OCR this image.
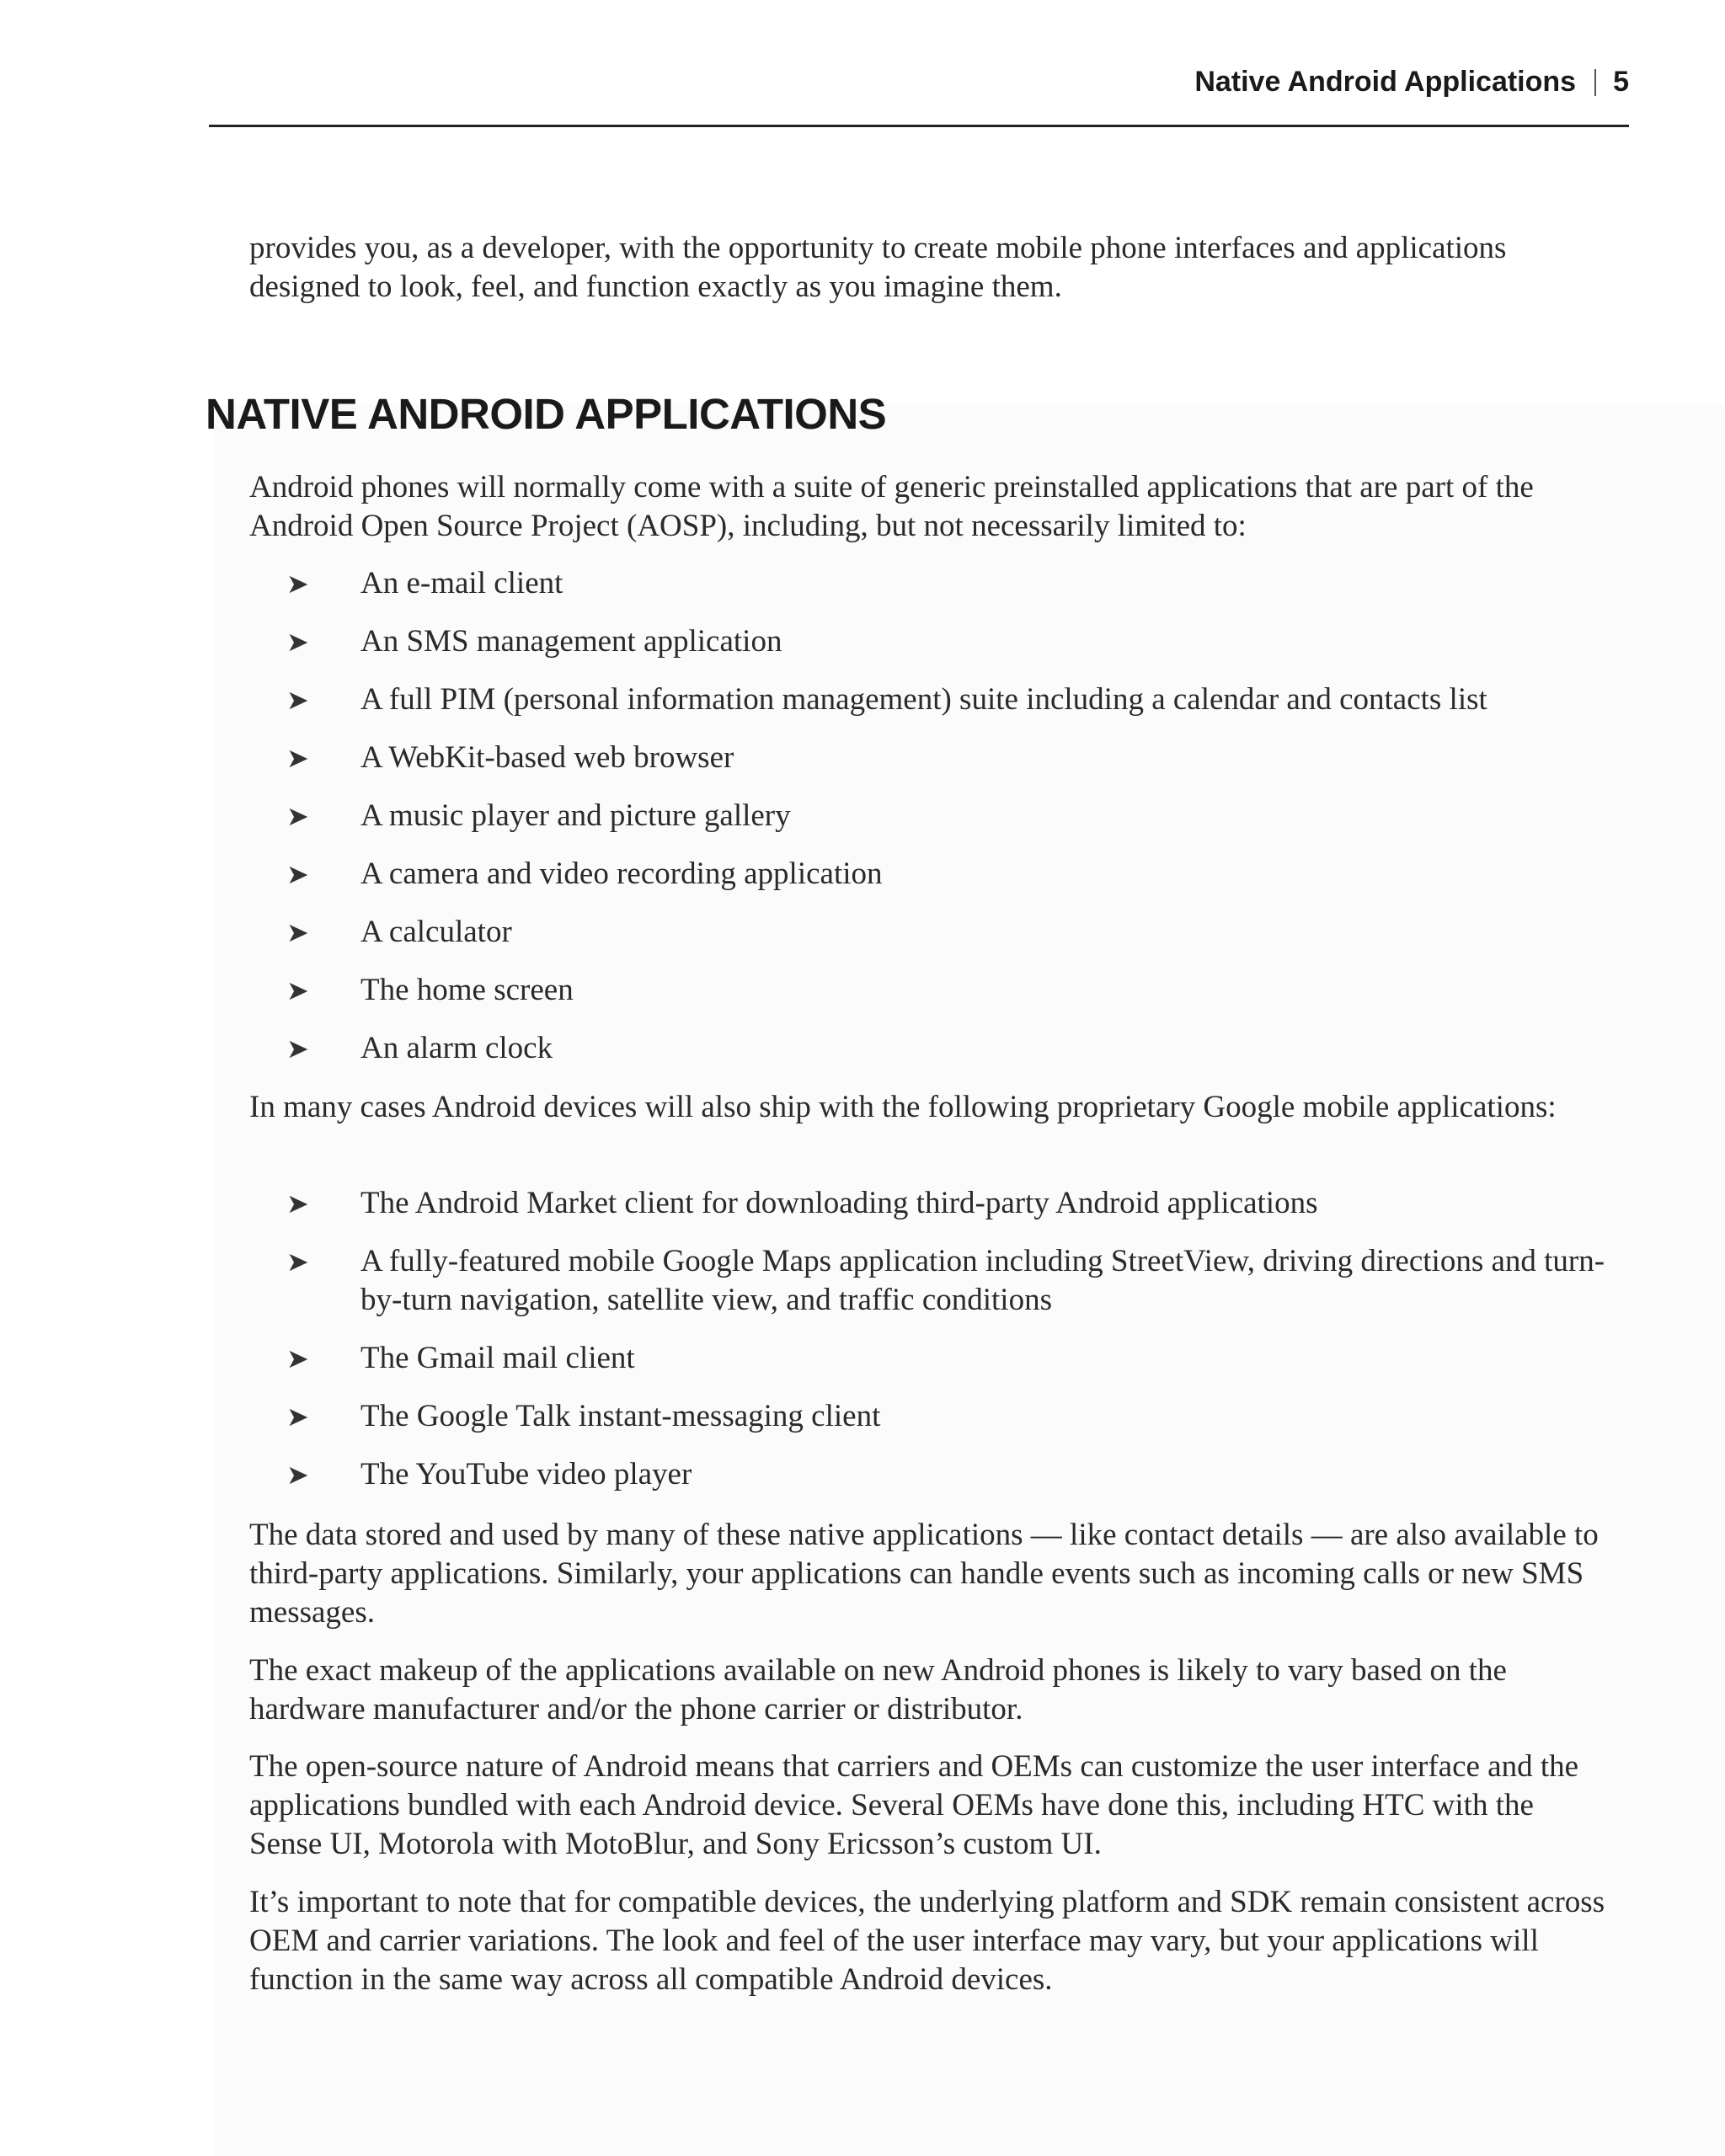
Native Android Applications 5

provides you, as a developer, with the opportunity to create mobile phone interfaces and applications designed to look, feel, and function exactly as you imagine them.

NATIVE ANDROID APPLICATIONS

Android phones will normally come with a suite of generic preinstalled applications that are part of the Android Open Source Project (AOSP), including, but not necessarily limited to:

➤ An e-mail client
➤ An SMS management application
➤ A full PIM (personal information management) suite including a calendar and contacts list
➤ A WebKit-based web browser
➤ A music player and picture gallery
➤ A camera and video recording application
➤ A calculator
➤ The home screen
➤ An alarm clock

In many cases Android devices will also ship with the following proprietary Google mobile applications:

➤ The Android Market client for downloading third-party Android applications
➤ A fully-featured mobile Google Maps application including StreetView, driving directions and turn-by-turn navigation, satellite view, and traffic conditions
➤ The Gmail mail client
➤ The Google Talk instant-messaging client
➤ The YouTube video player

The data stored and used by many of these native applications — like contact details — are also available to third-party applications. Similarly, your applications can handle events such as incoming calls or new SMS messages.

The exact makeup of the applications available on new Android phones is likely to vary based on the hardware manufacturer and/or the phone carrier or distributor.

The open-source nature of Android means that carriers and OEMs can customize the user interface and the applications bundled with each Android device. Several OEMs have done this, including HTC with the Sense UI, Motorola with MotoBlur, and Sony Ericsson’s custom UI.

It’s important to note that for compatible devices, the underlying platform and SDK remain consistent across OEM and carrier variations. The look and feel of the user interface may vary, but your applications will function in the same way across all compatible Android devices.
